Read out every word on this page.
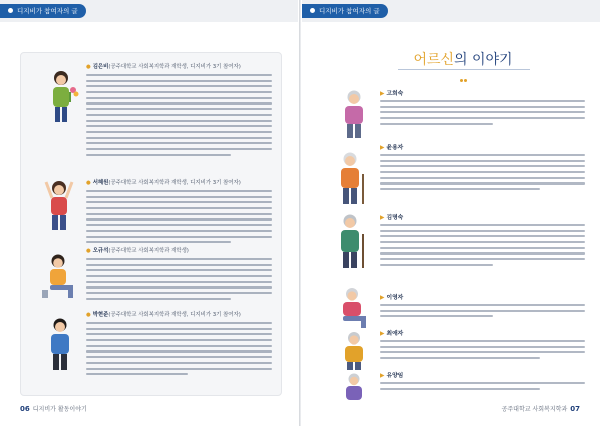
디지비가 참여자의 글	디지비가 참여자의 글
● 김은비(공주대학교 사회복지학과 재학생, 디지비가 3기 참여자)
● 서혜원(공주대학교 사회복지학과 재학생, 디지비가 3기 참여자)
● 오규석(공주대학교 사회복지학과 재학생)
● 박현준(공주대학교 사회복지학과 재학생, 디지비가 3기 참여자)
06 디지비가 활동이야기
어르신의 이야기
▶ 고희숙
▶ 윤용자
▶ 김명숙
▶ 이영자
▶ 최애자
▶ 유양임
공주대학교 사회복지학과 07
